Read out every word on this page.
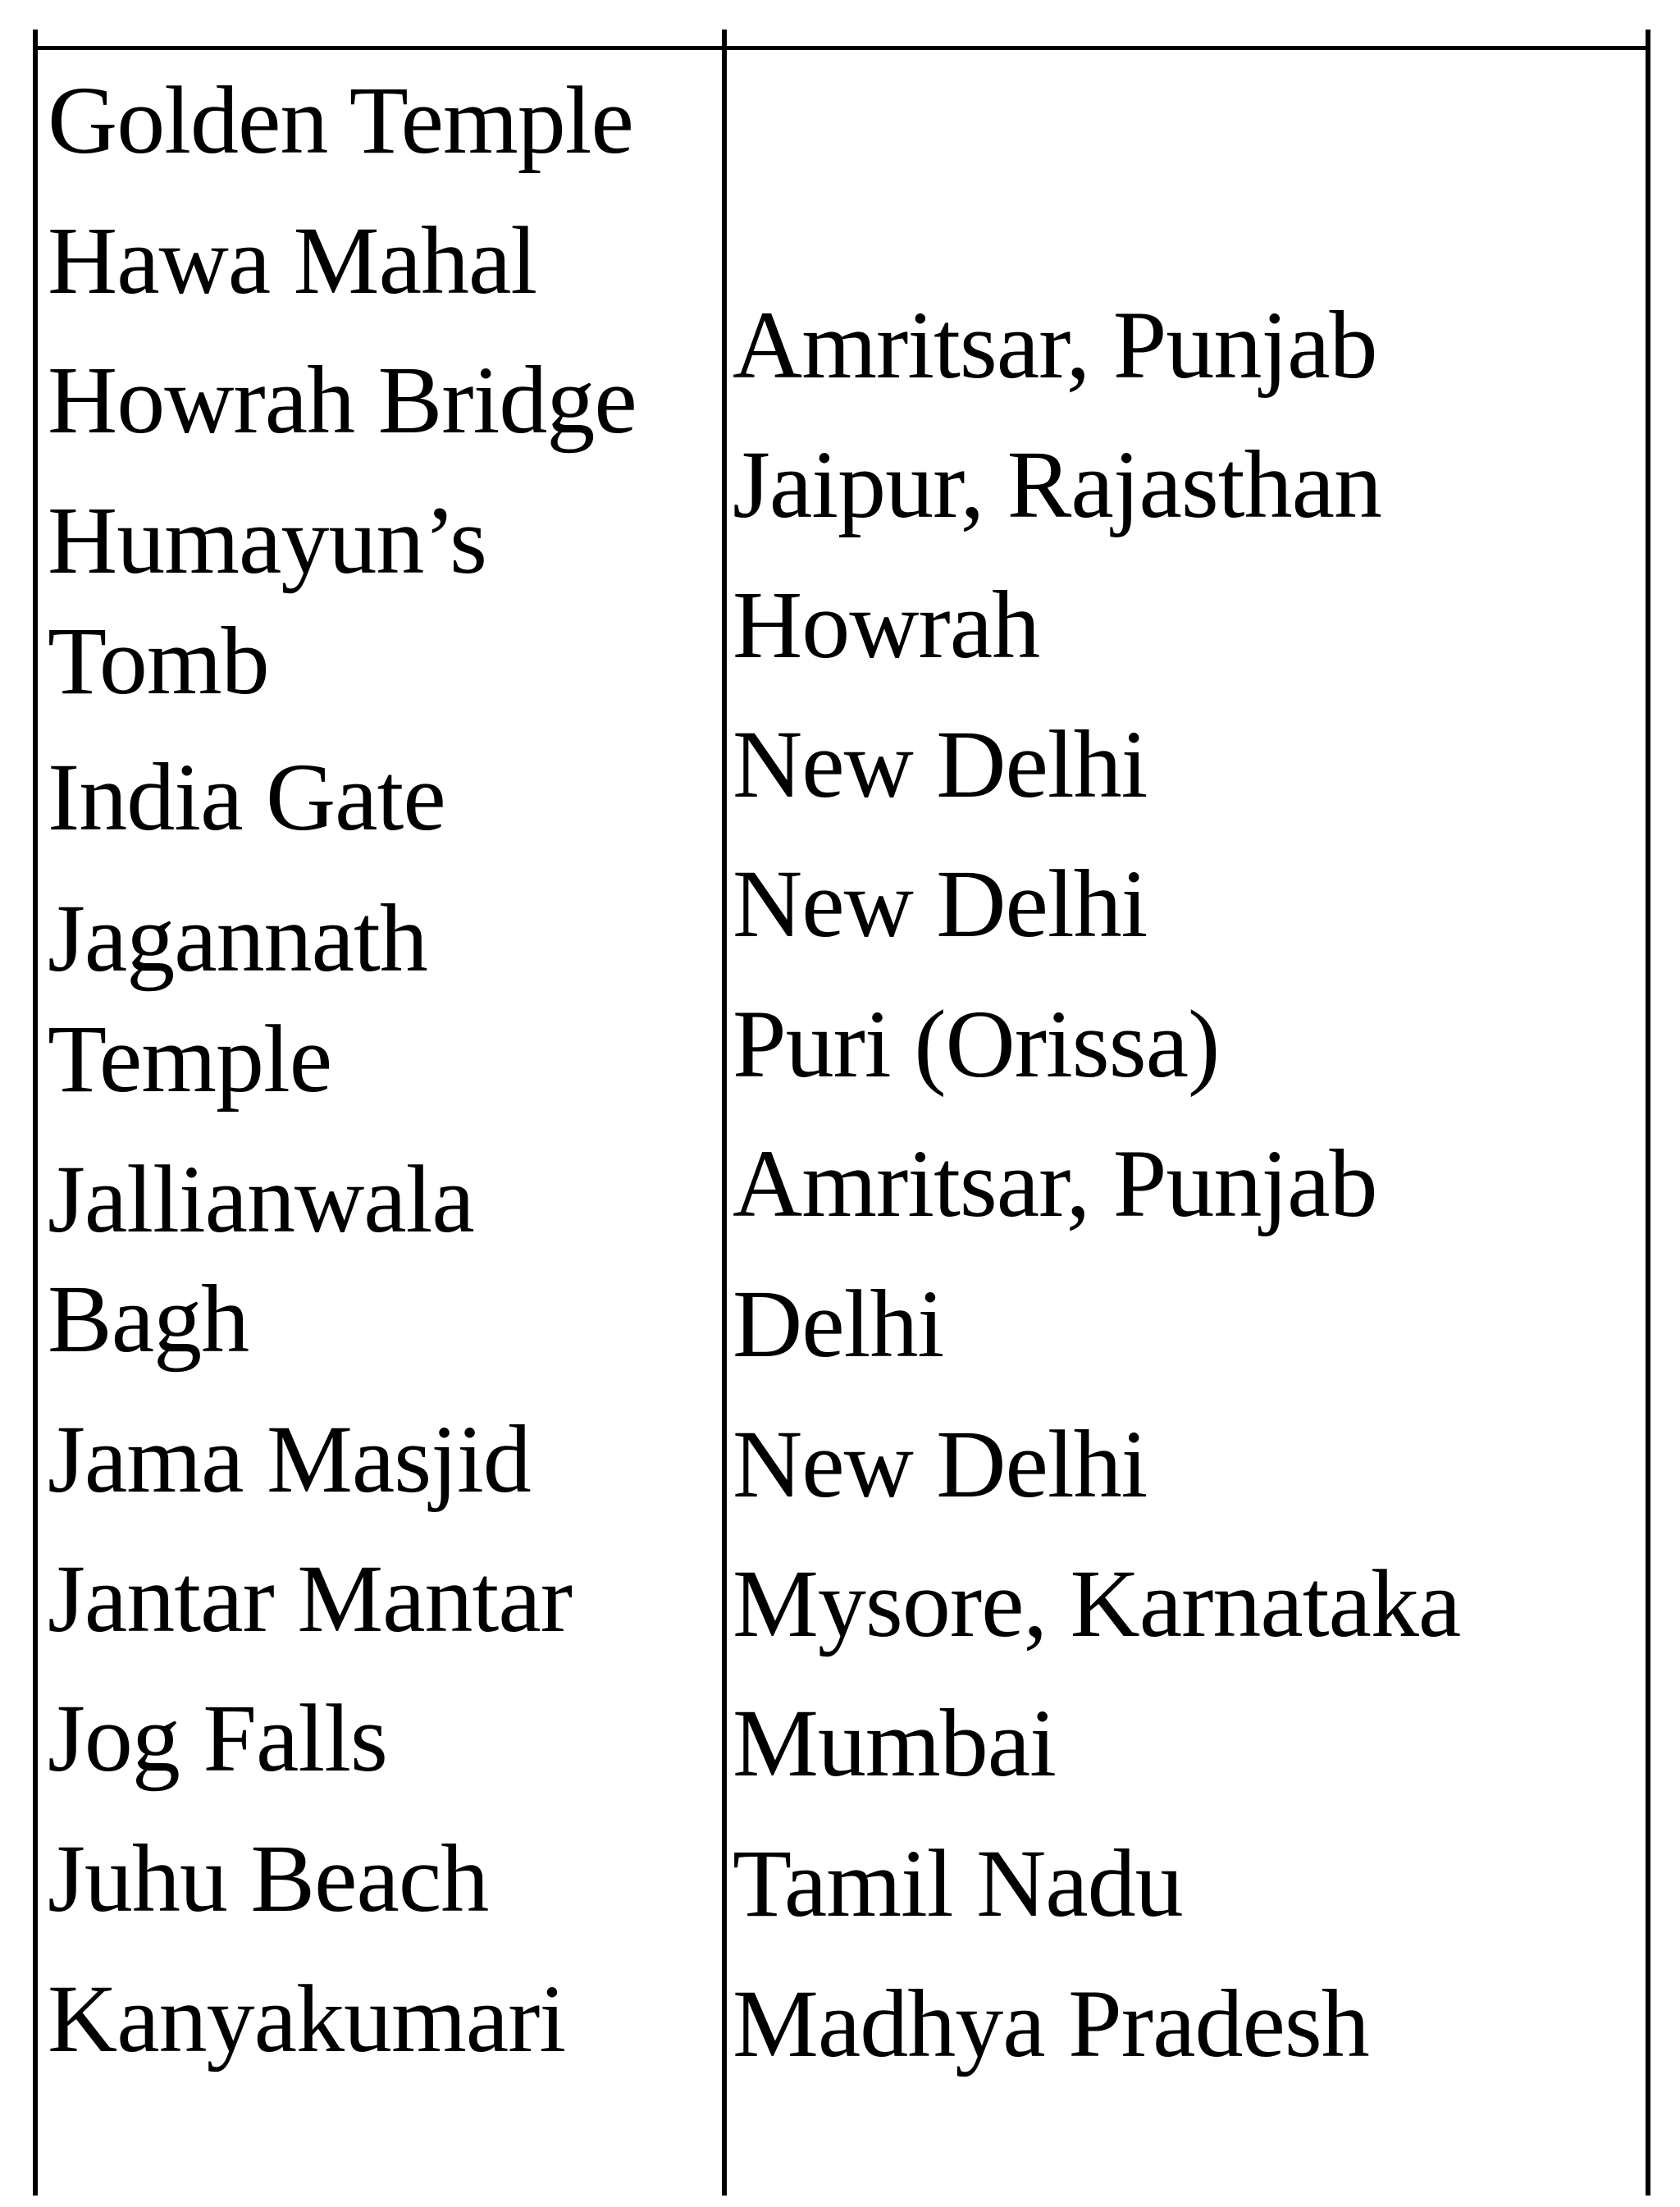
Golden Temple
Hawa Mahal
Howrah Bridge
Humayun’s
Tomb
India Gate
Jagannath
Temple
Jallianwala
Bagh
Jama Masjid
Jantar Mantar
Jog Falls
Juhu Beach
Kanyakumari
Amritsar, Punjab
Jaipur, Rajasthan
Howrah
New Delhi
New Delhi
Puri (Orissa)
Amritsar, Punjab
Delhi
New Delhi
Mysore, Karnataka
Mumbai
Tamil Nadu
Madhya Pradesh
